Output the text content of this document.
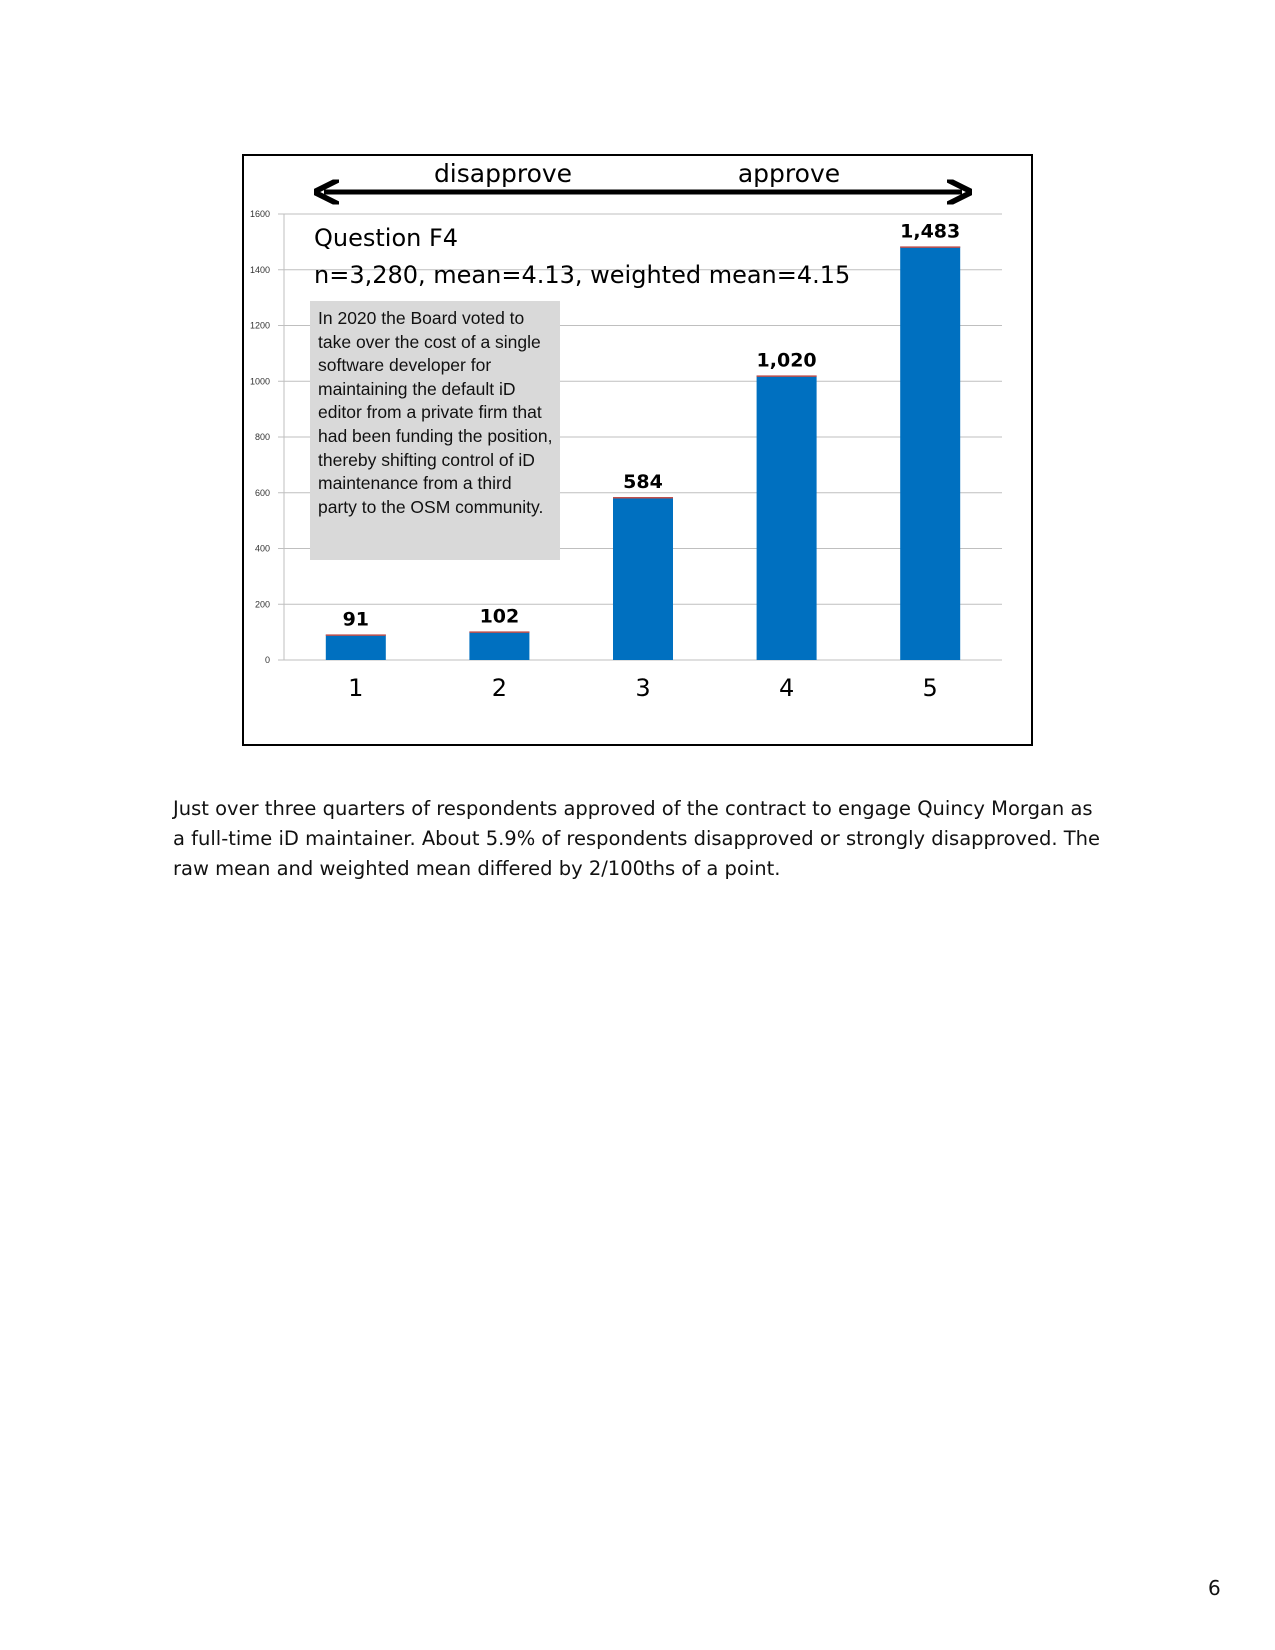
0
200
400
600
800
1000
1200
1400
1600
91	102
584
1,020
1,483
1	2	3	4	5
disapprove	approve
Question F4
n=3,280, mean=4.13, weighted mean=4.15
In 2020 the Board voted to take over the cost of a single software developer for maintaining the default iD editor from a private firm that had been funding the position, thereby shifting control of iD maintenance from a third party to the OSM community.
Just over three quarters of respondents approved of the contract to engage Quincy Morgan as a full-time iD maintainer. About 5.9% of respondents disapproved or strongly disapproved. The raw mean and weighted mean differed by 2/100ths of a point.
6
